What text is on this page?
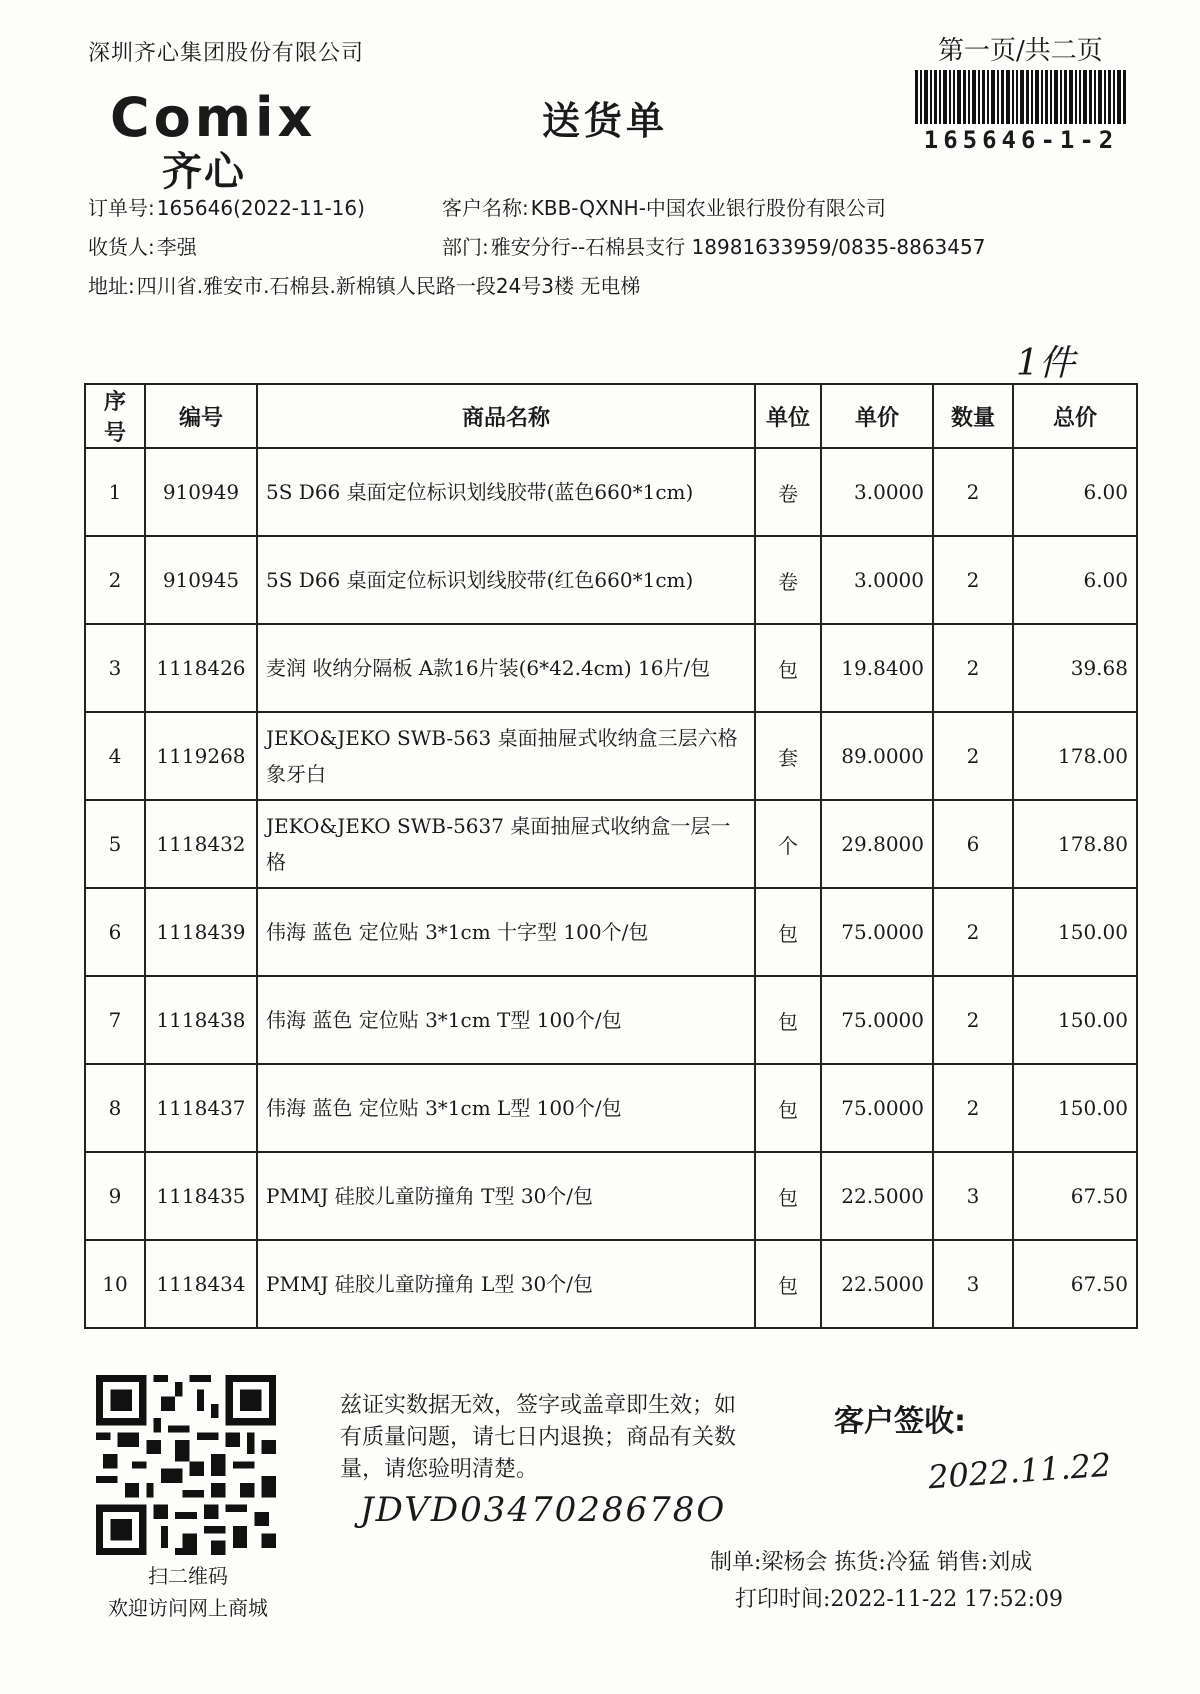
深圳齐心集团股份有限公司	第一页/共二页
165646-1-2
Comix
齐心
送货单
订单号: 165646(2022-11-16)	客户名称: KBB-QXNH-中国农业银行股份有限公司
收货人: 李强	部门: 雅安分行--石棉县支行 18981633959/0835-8863457
地址: 四川省.雅安市.石棉县.新棉镇人民路一段24号3楼 无电梯
1件
序号	编号	商品名称	单位	单价	数量	总价
1	910949	5S D66 桌面定位标识划线胶带(蓝色660*1cm)	卷	3.0000	2	6.00
2	910945	5S D66 桌面定位标识划线胶带(红色660*1cm)	卷	3.0000	2	6.00
3	1118426	麦润 收纳分隔板 A款16片装(6*42.4cm) 16片/包	包	19.8400	2	39.68
4	1119268	JEKO&JEKO SWB-563 桌面抽屉式收纳盒三层六格 象牙白	套	89.0000	2	178.00
5	1118432	JEKO&JEKO SWB-5637 桌面抽屉式收纳盒一层一格	个	29.8000	6	178.80
6	1118439	伟海 蓝色 定位贴 3*1cm 十字型 100个/包	包	75.0000	2	150.00
7	1118438	伟海 蓝色 定位贴 3*1cm T型 100个/包	包	75.0000	2	150.00
8	1118437	伟海 蓝色 定位贴 3*1cm L型 100个/包	包	75.0000	2	150.00
9	1118435	PMMJ 硅胶儿童防撞角 T型 30个/包	包	22.5000	3	67.50
10	1118434	PMMJ 硅胶儿童防撞角 L型 30个/包	包	22.5000	3	67.50
扫二维码
欢迎访问网上商城
兹证实数据无效，签字或盖章即生效；如有质量问题，请七日内退换；商品有关数量，请您验明清楚。
JDVD0347028678O
客户签收:
2022.11.22
制单:梁杨会 拣货:冷猛 销售:刘成
打印时间:2022-11-22 17:52:09
